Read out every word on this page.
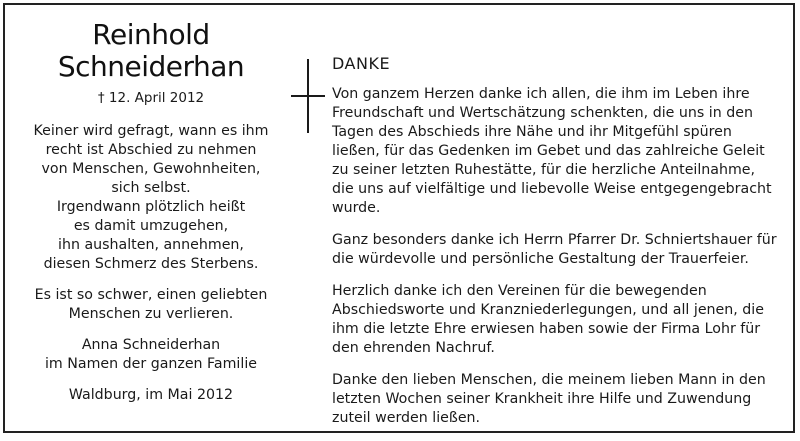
Reinhold
Schneiderhan
† 12. April 2012

Keiner wird gefragt, wann es ihm

recht ist Abschied zu nehmen

von Menschen, Gewohnheiten,

sich selbst.

Irgendwann plötzlich heißt

es damit umzugehen,

ihn aushalten, annehmen,

diesen Schmerz des Sterbens.

Es ist so schwer, einen geliebten

Menschen zu verlieren.

Anna Schneiderhan

im Namen der ganzen Familie

Waldburg, im Mai 2012

DANKE

Von ganzem Herzen danke ich allen, die ihm im Leben ihre Freundschaft und Wertschätzung schenkten, die uns in den Tagen des Abschieds ihre Nähe und ihr Mitgefühl spüren ließen, für das Gedenken im Gebet und das zahlreiche Geleit zu seiner letzten Ruhestätte, für die herzliche Anteilnahme, die uns auf vielfältige und liebevolle Weise entgegengebracht wurde.

Ganz besonders danke ich Herrn Pfarrer Dr. Schniertshauer für die würdevolle und persönliche Gestaltung der Trauerfeier.

Herzlich danke ich den Vereinen für die bewegenden Abschiedsworte und Kranzniederlegungen, und all jenen, die ihm die letzte Ehre erwiesen haben sowie der Firma Lohr für den ehrenden Nachruf.

Danke den lieben Menschen, die meinem lieben Mann in den letzten Wochen seiner Krankheit ihre Hilfe und Zuwendung zuteil werden ließen.
